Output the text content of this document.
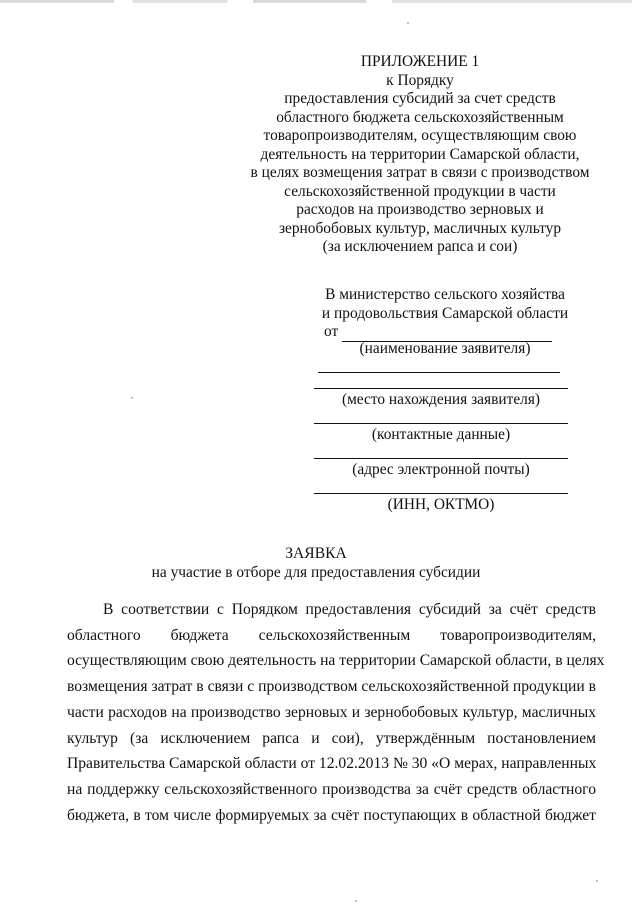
ПРИЛОЖЕНИЕ 1
к Порядку
предоставления субсидий за счет средств
областного бюджета сельскохозяйственным
товаропроизводителям, осуществляющим свою
деятельность на территории Самарской области,
в целях возмещения затрат в связи с производством
сельскохозяйственной продукции в части
расходов на производство зерновых и
зернобобовых культур, масличных культур
(за исключением рапса и сои)
В министерство сельского хозяйства
и продовольствия Самарской области
от
(наименование заявителя)
(место нахождения заявителя)
(контактные данные)
(адрес электронной почты)
(ИНН, ОКТМО)
ЗАЯВКА
на участие в отборе для предоставления субсидии
В соответствии с Порядком предоставления субсидий за счёт средств
областного бюджета сельскохозяйственным товаропроизводителям,
осуществляющим свою деятельность на территории Самарской области, в целях
возмещения затрат в связи с производством сельскохозяйственной продукции в
части расходов на производство зерновых и зернобобовых культур, масличных
культур (за исключением рапса и сои), утверждённым постановлением
Правительства Самарской области от 12.02.2013 № 30 «О мерах, направленных
на поддержку сельскохозяйственного производства за счёт средств областного
бюджета, в том числе формируемых за счёт поступающих в областной бюджет
